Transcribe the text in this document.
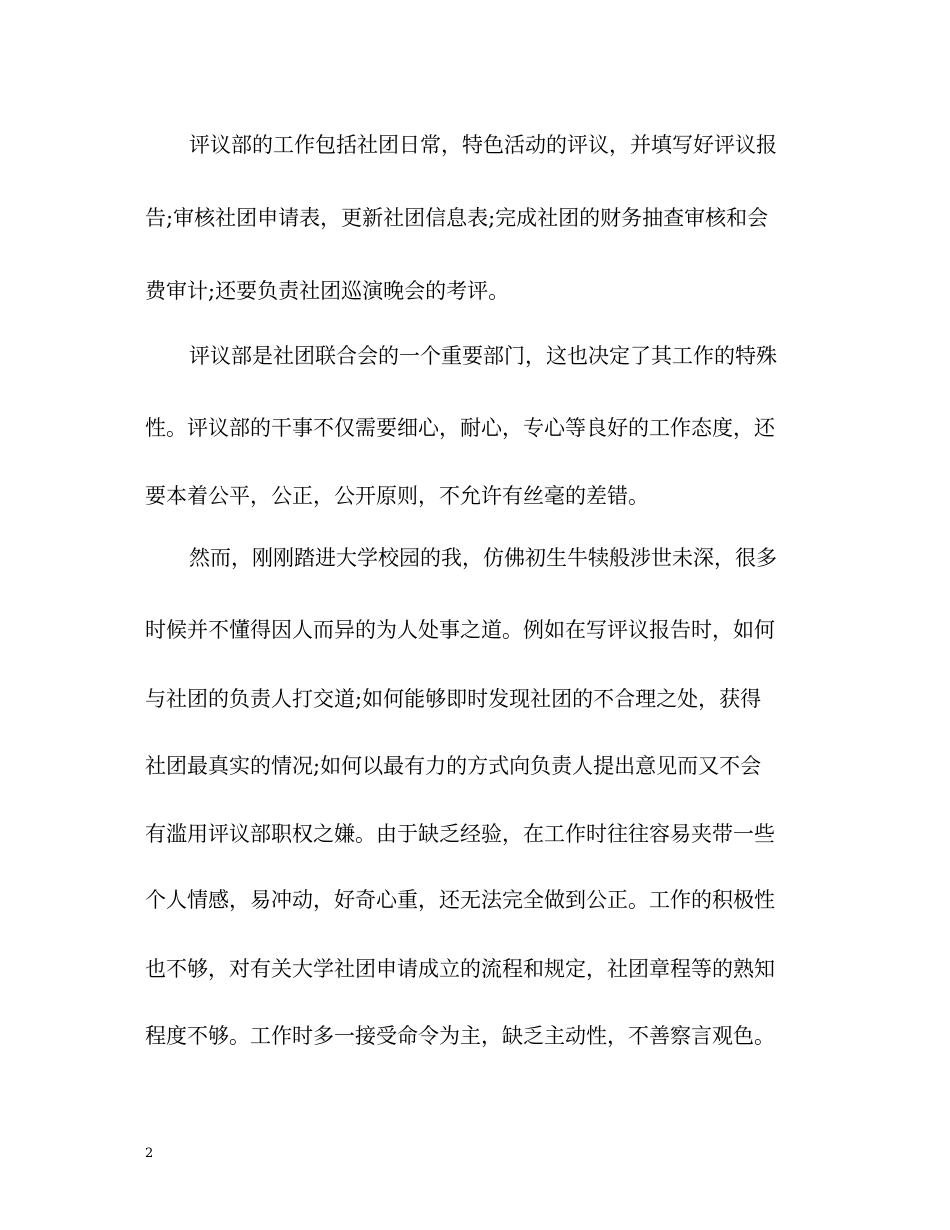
评议部的工作包括社团日常，特色活动的评议，并填写好评议报
告;审核社团申请表，更新社团信息表;完成社团的财务抽查审核和会
费审计;还要负责社团巡演晚会的考评。
评议部是社团联合会的一个重要部门，这也决定了其工作的特殊
性。评议部的干事不仅需要细心，耐心，专心等良好的工作态度，还
要本着公平，公正，公开原则，不允许有丝毫的差错。
然而，刚刚踏进大学校园的我，仿佛初生牛犊般涉世未深，很多
时候并不懂得因人而异的为人处事之道。例如在写评议报告时，如何
与社团的负责人打交道;如何能够即时发现社团的不合理之处，获得
社团最真实的情况;如何以最有力的方式向负责人提出意见而又不会
有滥用评议部职权之嫌。由于缺乏经验，在工作时往往容易夹带一些
个人情感，易冲动，好奇心重，还无法完全做到公正。工作的积极性
也不够，对有关大学社团申请成立的流程和规定，社团章程等的熟知
程度不够。工作时多一接受命令为主，缺乏主动性，不善察言观色。
2
